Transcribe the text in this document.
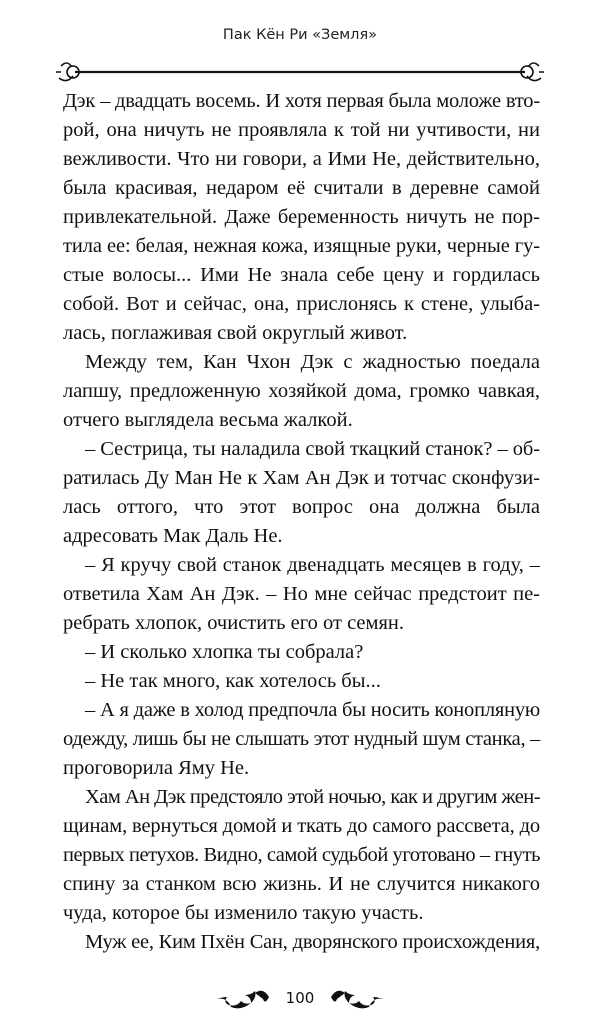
Пак Кён Ри «Земля»
Дэк – двадцать восемь. И хотя первая была моложе вто-
рой, она ничуть не проявляла к той ни учтивости, ни
вежливости. Что ни говори, а Ими Не, действительно,
была красивая, недаром её считали в деревне самой
привлекательной. Даже беременность ничуть не пор-
тила ее: белая, нежная кожа, изящные руки, черные гу-
стые волосы... Ими Не знала себе цену и гордилась
собой. Вот и сейчас, она, прислонясь к стене, улыба-
лась, поглаживая свой округлый живот.
Между тем, Кан Чхон Дэк с жадностью поедала
лапшу, предложенную хозяйкой дома, громко чавкая,
отчего выглядела весьма жалкой.
– Сестрица, ты наладила свой ткацкий станок? – об-
ратилась Ду Ман Не к Хам Ан Дэк и тотчас сконфузи-
лась оттого, что этот вопрос она должна была
адресовать Мак Даль Не.
– Я кручу свой станок двенадцать месяцев в году, –
ответила Хам Ан Дэк. – Но мне сейчас предстоит пе-
ребрать хлопок, очистить его от семян.
– И сколько хлопка ты собрала?
– Не так много, как хотелось бы...
– А я даже в холод предпочла бы носить конопляную
одежду, лишь бы не слышать этот нудный шум станка, –
проговорила Яму Не.
Хам Ан Дэк предстояло этой ночью, как и другим жен-
щинам, вернуться домой и ткать до самого рассвета, до
первых петухов. Видно, самой судьбой уготовано – гнуть
спину за станком всю жизнь. И не случится никакого
чуда, которое бы изменило такую участь.
Муж ее, Ким Пхён Сан, дворянского происхождения,
100
